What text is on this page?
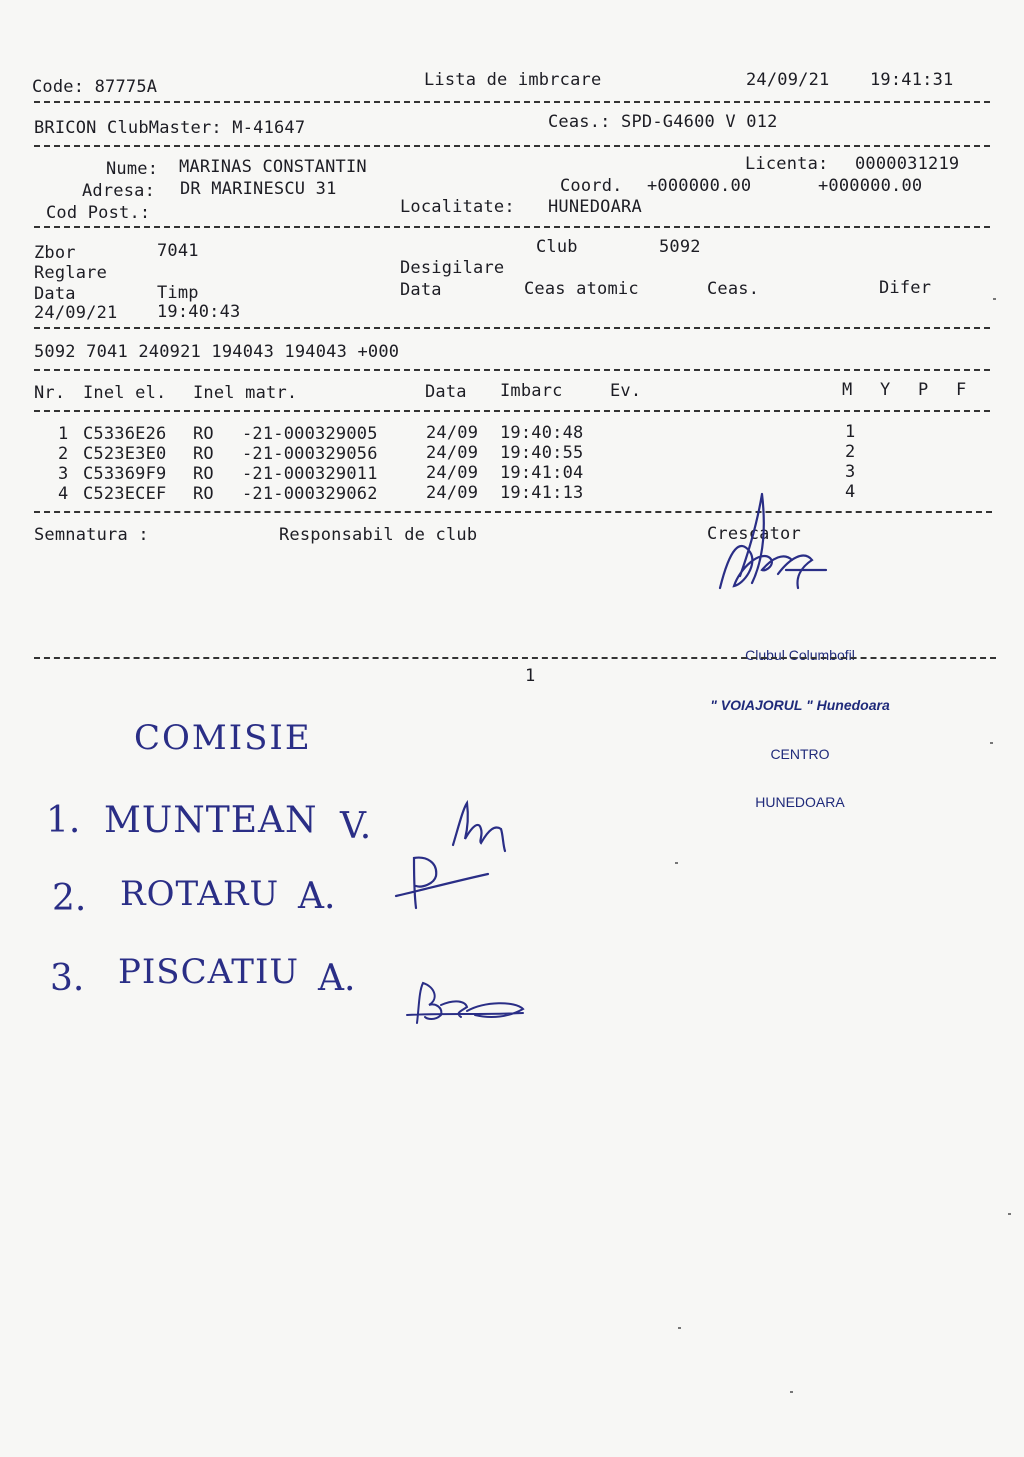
Code: 87775A	Lista de imbrcare	24/09/21 19:41:31
BRICON ClubMaster: M-41647	Ceas.: SPD-G4600 V 012
Nume: MARINAS CONSTANTIN	Licenta: 0000031219
Adresa: DR MARINESCU 31	Coord. +000000.00	+000000.00
Cod Post.:	Localitate: HUNEDOARA
Zbor	7041	Club	5092
Reglare	Desigilare
Data	Timp	Data	Ceas atomic	Ceas.	Difer
24/09/21 19:40:43
5092 7041 240921 194043 194043 +000
Nr. Inel el. Inel matr.	Data Imbarc	Ev.	M Y P F
1 C5336E26 RO -21-000329005	24/09 19:40:48	1
2 C523E3E0 RO -21-000329056	24/09 19:40:55	2
3 C53369F9 RO -21-000329011	24/09 19:41:04	3
4 C523ECEF RO -21-000329062	24/09 19:41:13	4
Semnatura :	Responsabil de club	Crescator

Clubul Columbofil

" VOIAJORUL " Hunedoara

CENTRO

HUNEDOARA

1
COMISIE
1. MUNTEAN V.
2. ROTARU A.
3. PISCATIU A.
